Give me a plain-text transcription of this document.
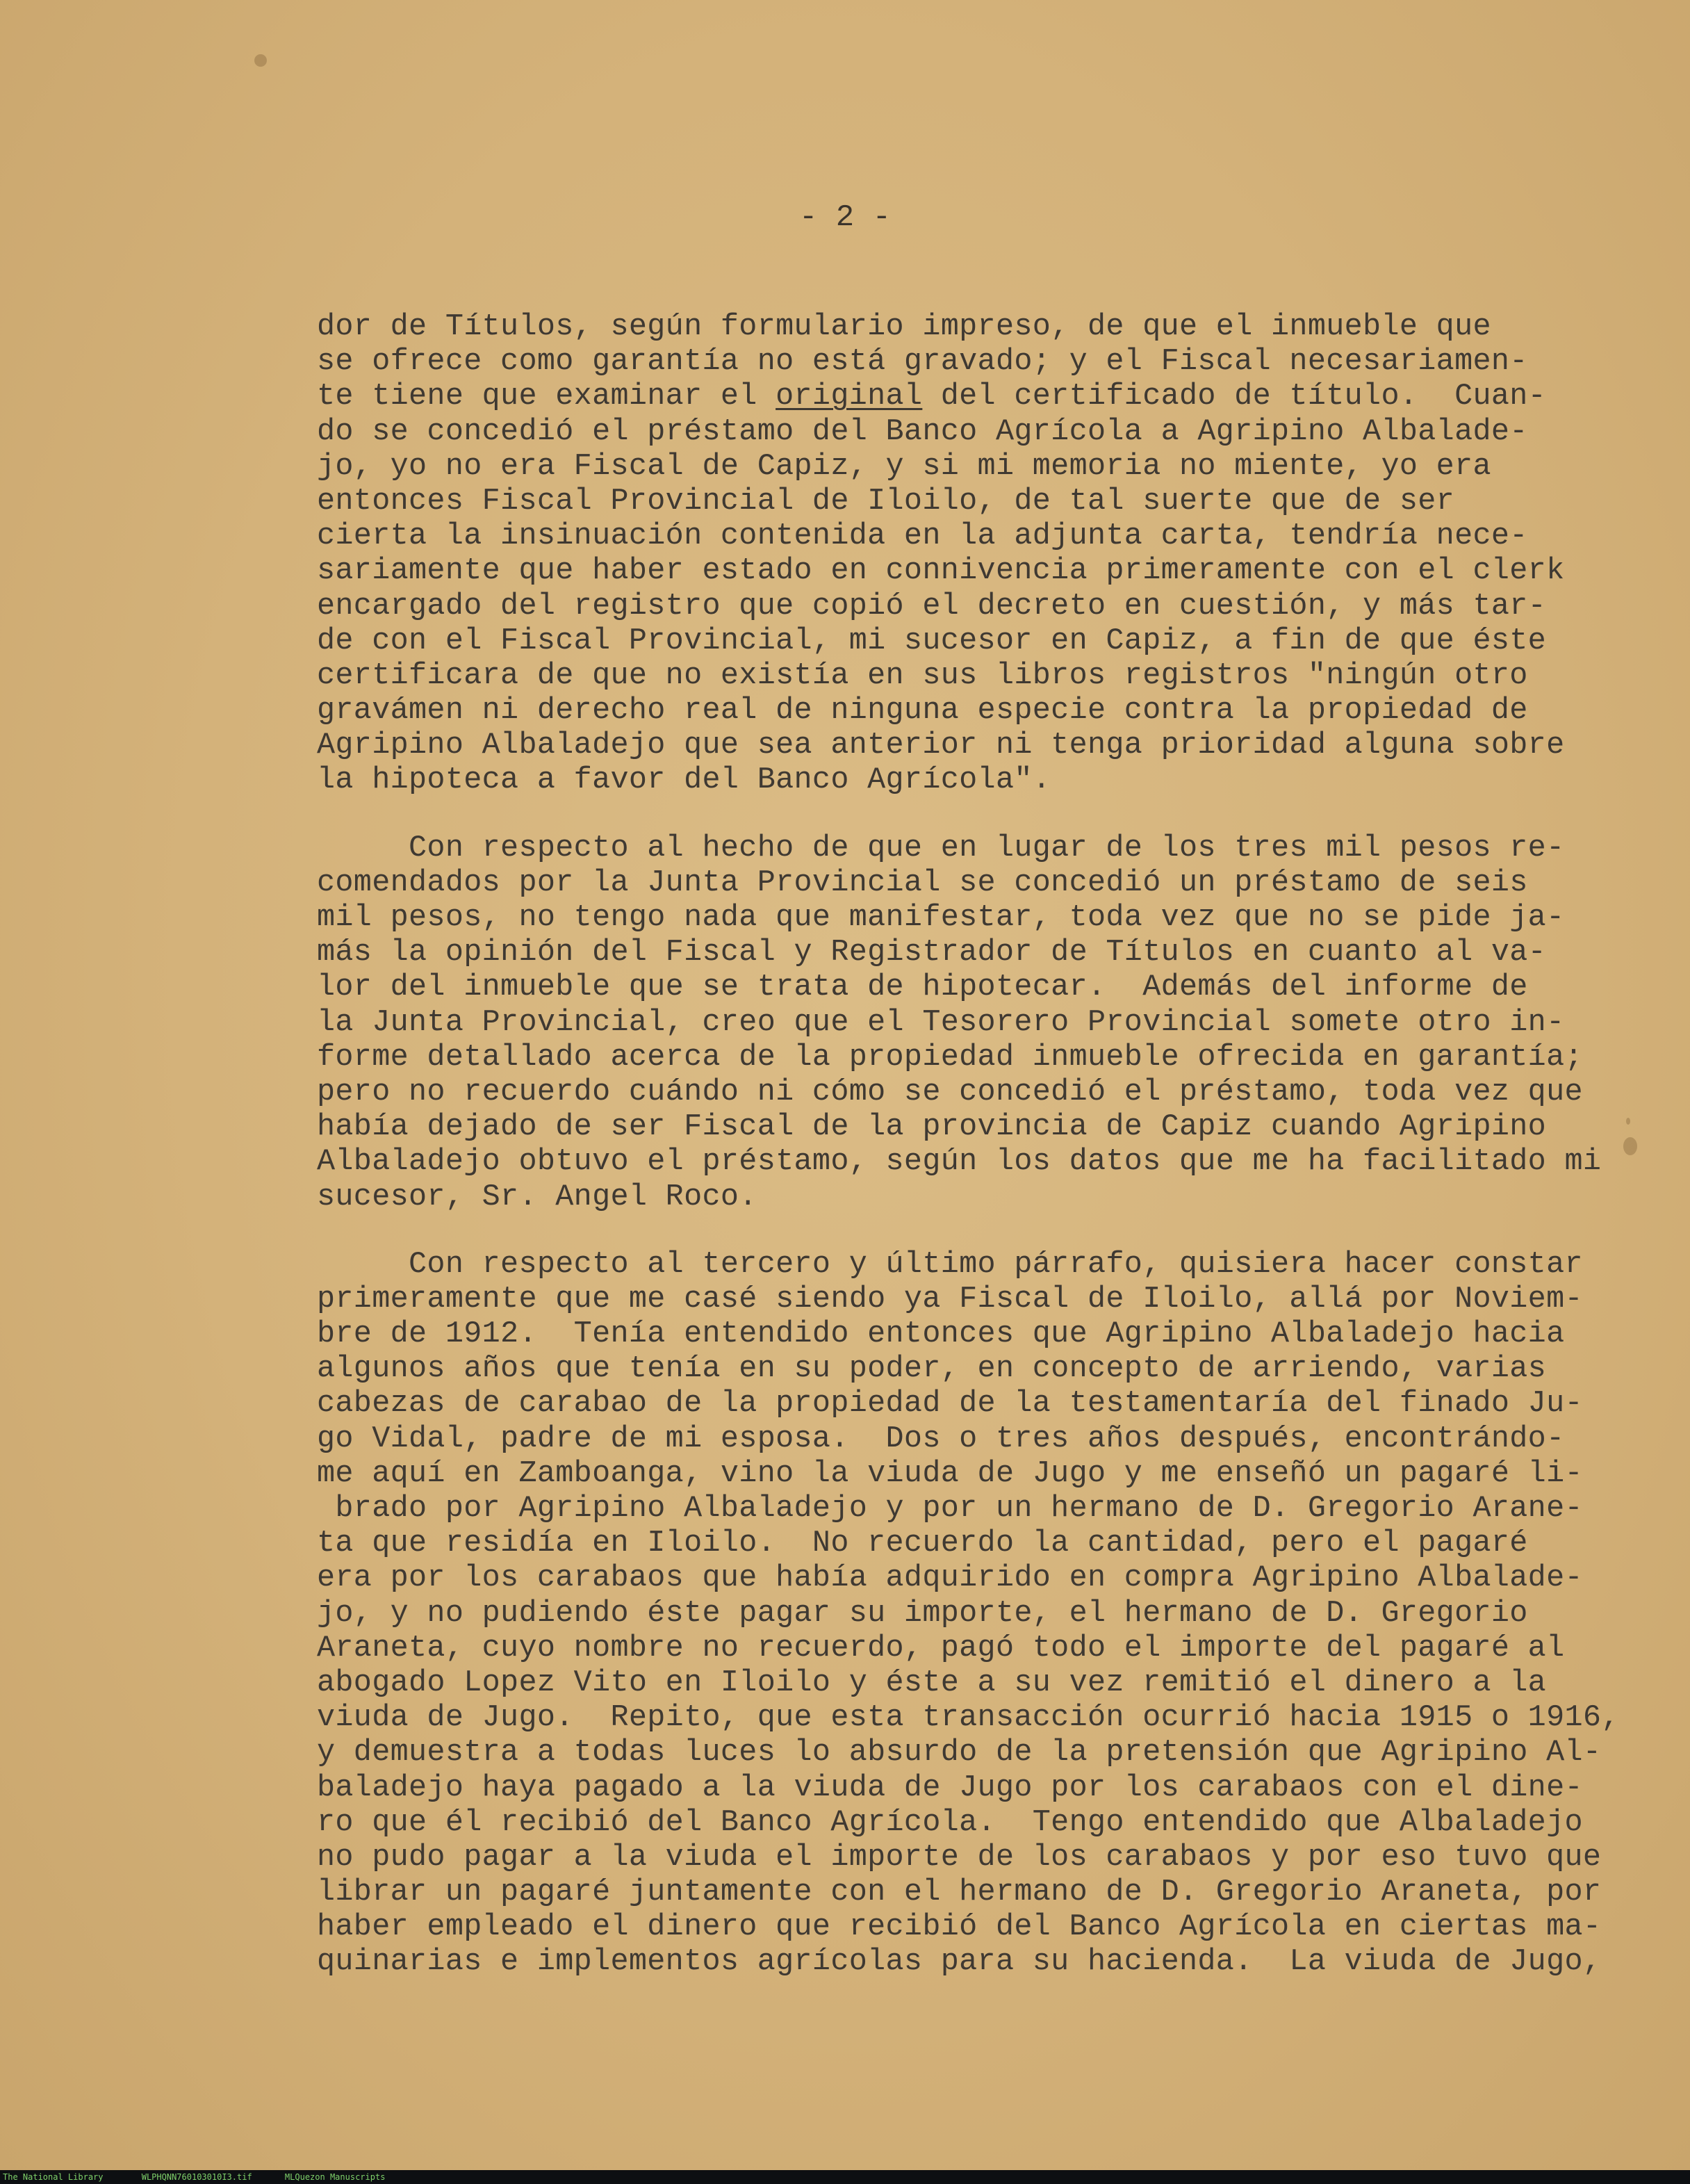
- 2 -
dor de Títulos, según formulario impreso, de que el inmueble que
se ofrece como garantía no está gravado; y el Fiscal necesariamen-
te tiene que examinar el original del certificado de título.  Cuan-
do se concedió el préstamo del Banco Agrícola a Agripino Albalade-
jo, yo no era Fiscal de Capiz, y si mi memoria no miente, yo era
entonces Fiscal Provincial de Iloilo, de tal suerte que de ser
cierta la insinuación contenida en la adjunta carta, tendría nece-
sariamente que haber estado en connivencia primeramente con el clerk
encargado del registro que copió el decreto en cuestión, y más tar-
de con el Fiscal Provincial, mi sucesor en Capiz, a fin de que éste
certificara de que no existía en sus libros registros "ningún otro
gravámen ni derecho real de ninguna especie contra la propiedad de
Agripino Albaladejo que sea anterior ni tenga prioridad alguna sobre
la hipoteca a favor del Banco Agrícola".
Con respecto al hecho de que en lugar de los tres mil pesos re-
comendados por la Junta Provincial se concedió un préstamo de seis
mil pesos, no tengo nada que manifestar, toda vez que no se pide ja-
más la opinión del Fiscal y Registrador de Títulos en cuanto al va-
lor del inmueble que se trata de hipotecar.  Además del informe de
la Junta Provincial, creo que el Tesorero Provincial somete otro in-
forme detallado acerca de la propiedad inmueble ofrecida en garantía;
pero no recuerdo cuándo ni cómo se concedió el préstamo, toda vez que
había dejado de ser Fiscal de la provincia de Capiz cuando Agripino
Albaladejo obtuvo el préstamo, según los datos que me ha facilitado mi
sucesor, Sr. Angel Roco.
Con respecto al tercero y último párrafo, quisiera hacer constar
primeramente que me casé siendo ya Fiscal de Iloilo, allá por Noviem-
bre de 1912.  Tenía entendido entonces que Agripino Albaladejo hacia
algunos años que tenía en su poder, en concepto de arriendo, varias
cabezas de carabao de la propiedad de la testamentaría del finado Ju-
go Vidal, padre de mi esposa.  Dos o tres años después, encontrándo-
me aquí en Zamboanga, vino la viuda de Jugo y me enseñó un pagaré li-
brado por Agripino Albaladejo y por un hermano de D. Gregorio Arane-
ta que residía en Iloilo.  No recuerdo la cantidad, pero el pagaré
era por los carabaos que había adquirido en compra Agripino Albalade-
jo, y no pudiendo éste pagar su importe, el hermano de D. Gregorio
Araneta, cuyo nombre no recuerdo, pagó todo el importe del pagaré al
abogado Lopez Vito en Iloilo y éste a su vez remitió el dinero a la
viuda de Jugo.  Repito, que esta transacción ocurrió hacia 1915 o 1916,
y demuestra a todas luces lo absurdo de la pretensión que Agripino Al-
baladejo haya pagado a la viuda de Jugo por los carabaos con el dine-
ro que él recibió del Banco Agrícola.  Tengo entendido que Albaladejo
no pudo pagar a la viuda el importe de los carabaos y por eso tuvo que
librar un pagaré juntamente con el hermano de D. Gregorio Araneta, por
haber empleado el dinero que recibió del Banco Agrícola en ciertas ma-
quinarias e implementos agrícolas para su hacienda.  La viuda de Jugo,
The National Library	WLPHQNN760103010I3.tif	MLQuezon Manuscripts
